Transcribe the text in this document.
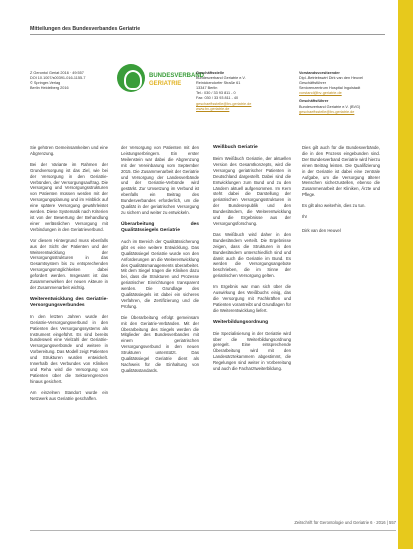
Mitteilungen des Bundesverbandes Geriatrie
Z Gerontol Geriat 2016 · 49:557
DOI 10.1007/s00391-016-1155-7
© Springer-Verlag
Berlin Heidelberg 2016
BUNDESVERBAND
GERIATRIE
Geschäftsstelle
Bundesverband Geriatrie e.V.
Reinickendorfer Straße 61
13347 Berlin
Tel.: 030 / 33 93 811 - 0
Fax: 030 / 33 93 811 - 40
geschaeftsstelle@bv-geriatrie.de
www.bv-geriatrie.de
Vorstandsvorsitzender
Dipl.-Betriebswirt Dirk van den Heuvel
Geschäftsführer
Seniorenzentrum Hospital Ingolstadt
vorstand@bv-geriatrie.de
Geschäftsführer
Bundesverband Geriatrie e.V. (BVG)
geschaeftsstelle@bv-geriatrie.de

Sie gehören Gemeinsamkeiten und eine Abgrenzung.

Bei der Variante im Rahmen der Grundversorgung ist das Ziel, wie bei der Versorgung in den Geriatrie-Verbünden, der Versorgungsauftrag. Die Versorgung und Versorgungsstrukturen von Patienten müssen werden mit der Versorgungsplanung und im Hinblick auf eine spätere Versorgung gewährleistet werden. Diese Systematik nach Kriterien ist von der Bewertung der Behandlung einer verlässlichen Versorgung mit Verbindungen in den Geriatrieverbund.

Vor diesem Hintergrund muss ebenfalls aus der Sicht der Patienten und der Weiterentwicklung der Versorgungsstrukturen in das Gesamtsystem bis zu entsprechenden Versorgungsmöglichkeiten dabei gefordert werden. Insgesamt ist das Zusammenwirken der neuen Akteure in der Zusammenarbeit wichtig.

Weiterentwicklung des Geriatrie-Versorgungsverbundes

In den letzten Jahren wurde der Geriatrie-Versorgungsverbund in den Patienten des Versorgungssystems als Instrument eingeführt. Es sind bereits bundesweit eine Vielzahl der Geriatrie-Versorgungsverbünde und weitere in Vorbereitung. Das Modell zeigt Patienten und Strukturen wurden entwickelt. Innerhalb des Verbundes von Kliniken und Reha wird die Versorgung von Patienten über die Sektorengrenzen hinaus gesichert.

Am einzelnen Standort wurde ein Netzwerk aus Geriatrie geschaffen.

der Versorgung von Patienten mit den Leistungserbringern. Ein erster Meilenstein war dabei die Abgrenzung mit der Vereinbarung vom September 2015. Die Zusammenarbeit der Geriatrie und Versorgung der Landesverbände und der Geriatrie-Verbünde wird gestärkt. Zur Umsetzung im Verbund ist ebenfalls ein Beitrag des Bundesverbandes erforderlich, um die Qualität in der geriatrischen Versorgung zu sichern und weiter zu entwickeln.

Überarbeitung des Qualitätssiegels Geriatrie

Auch im Bereich der Qualitätssicherung gibt es eine weitere Entwicklung. Das Qualitätssiegel Geriatrie wurde von den Anforderungen an die Weiterentwicklung des Qualitätsmanagements überarbeitet. Mit dem Siegel tragen die Kliniken dazu bei, dass die Strukturen und Prozesse geriatrischer Einrichtungen transparent werden. Die Grundlage des Qualitätssiegels ist dabei ein sicheres Verfahren, die Zertifizierung und die Prüfung.

Die Überarbeitung erfolgt gemeinsam mit den Geriatrie-Verbänden. Mit der Überarbeitung des Siegels werden die Mitglieder des Bundesverbandes mit einem geriatrischen Versorgungsverbund in den neuen Strukturen unterstützt. Das Qualitätssiegel Geriatrie dient als Nachweis für die Einhaltung von Qualitätsstandards.

Weißbuch Geriatrie

Beim Weißbuch Geriatrie, der aktuellen Version des Gesamtkonzepts, wird die Versorgung geriatrischer Patienten in Deutschland dargestellt. Dabei sind die Entwicklungen zum Bund und zu den Ländern aktuell aufgenommen. Im Kern steht dabei die Darstellung der geriatrischen Versorgungsstrukturen in der Bundesrepublik und den Bundesländern, die Weiterentwicklung und die Ergebnisse aus der Versorgungsforschung.

Das Weißbuch wird daher in den Bundesländern verteilt. Die Ergebnisse zeigen, dass die Strukturen in den Bundesländern unterschiedlich sind und damit auch die Geriatrie im Bund. Es werden die Versorgungsangebote beschrieben, die im Sinne der geriatrischen Versorgung gelten.

Im Ergebnis war man sich über die Auswirkung des Weißbuchs einig, das die Versorgung mit Fachkräften und Patienten vorantreibt und Grundlagen für die Weiterentwicklung liefert.

Weiterbildungsordnung

Die Spezialisierung in der Geriatrie wird über die Weiterbildungsordnung geregelt. Eine entsprechende Überarbeitung wird mit den Landesärztekammern abgestimmt, die Regelungen sind weiter in Vorbereitung und auch die Facharztweiterbildung.

Dies gilt auch für die Bundesverbände, die in den Prozess eingebunden sind. Der Bundesverband Geriatrie wird hierzu einen Beitrag leisten. Die Qualifizierung in der Geriatrie ist dabei eine zentrale Aufgabe, um die Versorgung älterer Menschen sicherzustellen, ebenso die Zusammenarbeit der Kliniken, Ärzte und Pflege.

Es gilt also weiterhin, dies zu tun.

Ihr
Dirk van den Heuvel
Zeitschrift für Gerontologie und Geriatrie 6 · 2016 | 557
